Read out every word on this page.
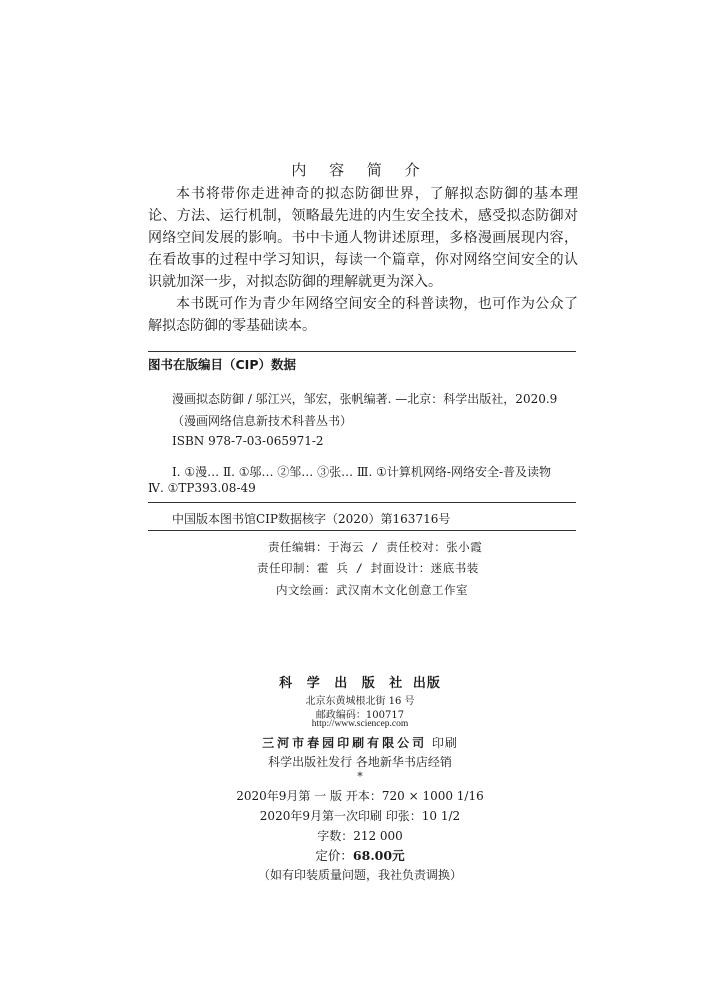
内 容 简 介

本书将带你走进神奇的拟态防御世界，了解拟态防御的基本理论、方法、运行机制，领略最先进的内生安全技术，感受拟态防御对网络空间发展的影响。书中卡通人物讲述原理，多格漫画展现内容，在看故事的过程中学习知识，每读一个篇章，你对网络空间安全的认识就加深一步，对拟态防御的理解就更为深入。

本书既可作为青少年网络空间安全的科普读物，也可作为公众了解拟态防御的零基础读本。

图书在版编目（CIP）数据
漫画拟态防御 / 邬江兴，邹宏，张帆编著. —北京：科学出版社，2020.9
（漫画网络信息新技术科普丛书）
ISBN 978-7-03-065971-2
Ⅰ. ①漫… Ⅱ. ①邬… ②邹… ③张… Ⅲ. ①计算机网络-网络安全-普及读物
Ⅳ. ①TP393.08-49
中国版本图书馆CIP数据核字（2020）第163716号
责任编辑：于海云 / 责任校对：张小霞
责任印制：霍 兵 / 封面设计：迷底书装
内文绘画：武汉南木文化创意工作室
科 学 出 版 社 出版
北京东黄城根北街 16 号
邮政编码：100717
http://www.sciencep.com
三河市春园印刷有限公司 印刷
科学出版社发行 各地新华书店经销
*
2020年9月第 一 版 开本：720 × 1000 1/16
2020年9月第一次印刷 印张：10 1/2
字数：212 000
定价：68.00元
（如有印装质量问题，我社负责调换）
